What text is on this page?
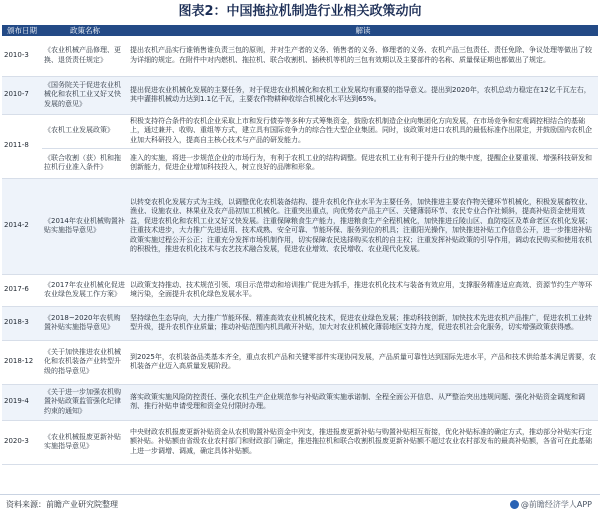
图表2：中国拖拉机制造行业相关政策动向
颁布日期	政策名称	解读
2010-3	《农业机械产品修理、更换、退货责任规定》	提出农机产品实行谁销售谁负责三包的原则，并对生产者的义务、销售者的义务、修理者的义务、农机产品三包责任、责任免除、争议处理等做出了较为详细的规定。在附件中对内燃机、拖拉机、联合收割机、插秧机等机的三包有效期以及主要部件的名称、质量保证期也都做出了规定。
2010-7	《国务院关于促进农业机械化和农机工业又好又快发展的意见》	提出促进农业机械化发展的主要任务，对于促进农业机械化和农机工业发展均有重要的指导意义。提出到2020年，农机总动力稳定在12亿千瓦左右，其中灌排机械动力达到1.1亿千瓦，主要农作物耕种收综合机械化水平达到65%。
2011-8	《农机工业发展政策》	积极支持符合条件的农机企业采取上市和发行债券等多种方式筹集资金，鼓励农机制造企业向集团化方向发展，在市场竞争和宏观调控相结合的基础上，通过兼并、收购、重组等方式，建立具有国际竞争力的综合性大型企业集团。同时，该政策对进口农机具的最低标准作出限定，并鼓励国内农机企业加大科研投入，提高自主核心技术与产品的研发能力。
	《联合收割（获）机和拖拉机行业准入条件》	准入的实施，将进一步规范企业的市场行为，有利于农机工业的结构调整。促进农机工业有利于提升行业的集中度，提醒企业要重视、增强科技研发和创新能力，促进企业增加科技投入，树立良好的品牌和形象。
2014-2	《2014年农业机械购置补贴实施指导意见》	以转变农机化发展方式为主线，以调整优化农机装备结构、提升农机化作业水平为主要任务，加快推进主要农作物关键环节机械化，积极发展畜牧业、渔业、设施农业、林果业及农产品初加工机械化。注重突出重点，向优势农产品主产区、关键薄弱环节、农民专业合作社倾斜，提高补贴资金使用效益，促进农机化和农机工业又好又快发展。注重保障粮食生产能力，推进粮食生产全程机械化，加快推进丘陵山区、血防疫区及革命老区农机化发展；注重技术进步，大力推广先进适用、技术成熟、安全可靠、节能环保、服务到位的机具；注重阳光操作，加快推进补贴工作信息公开，进一步推进补贴政策实施过程公开公正；注重充分发挥市场机制作用，切实保障农民选择购买农机的自主权；注重发挥补贴政策的引导作用，调动农民购买和使用农机的积极性，推进农机化技术与农艺技术融合发展，促进农业增效、农民增收、农业现代化发展。
2017-6	《2017年农业机械化促进农业绿色发展工作方案》	以政策支持推动、技术规范引领、项目示范带动和培训推广促进为抓手，推进农机化技术与装备有效应用，支撑服务精准适应高效、资源节约生产等环境污染，全面提升农机化绿色发展水平。
2018-3	《2018~2020年农机购置补贴实施指导意见》	坚持绿色生态导向，大力推广节能环保、精准高效农业机械化技术，促进农业绿色发展；推动科技创新，加快技术先进农机产品推广，促进农机工业转型升级，提升农机作业质量；推动补贴范围内机具敞开补贴，加大对农业机械化薄弱地区支持力度，促进农机社会化服务，切实增强政策获得感。
2018-12	《关于加快推进农业机械化和农机装备产业转型升级的指导意见》	到2025年，农机装备品类基本齐全，重点农机产品和关键零部件实现协同发展，产品质量可靠性达到国际先进水平，产品和技术供给基本满足需要，农机装备产业迈入高质量发展阶段。
2019-4	《关于进一步加强农机购置补贴政策监管强化纪律约束的通知》	落实政策实施风险防控责任、强化农机生产企业规范参与补贴政策实施承诺制、全程全面公开信息、从严整治突出违规问题、强化补贴资金调度和调剂、推行补贴申请受理和资金兑付限时办理。
2020-3	《农业机械报废更新补贴实施指导意见》	中央财政农机报废更新补贴资金从农机购置补贴资金中列支，推进报废更新补贴与购置补贴相互衔接，优化补贴标准的确定方式，推动部分补贴实行定额补贴。补贴额由省级农业农村部门和财政部门确定，推进拖拉机和联合收割机报废更新补贴额不超过农业农村部发布的最高补贴额，各省可在此基础上进一步调增、调减，确定具体补贴额。
资料来源：前瞻产业研究院整理	@前瞻经济学人APP
